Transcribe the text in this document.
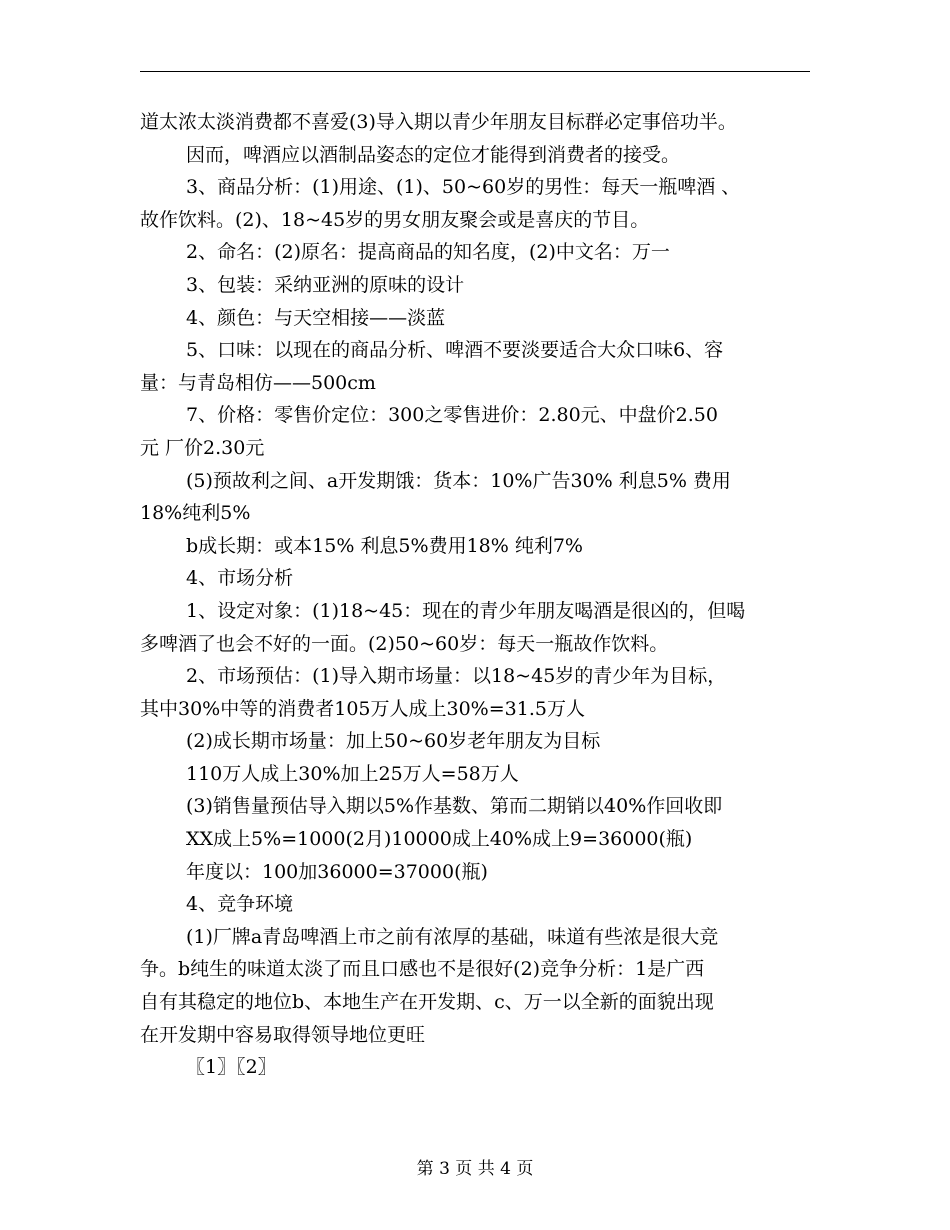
道太浓太淡消费都不喜爱(3)导入期以青少年朋友目标群必定事倍功半。
因而，啤酒应以酒制品姿态的定位才能得到消费者的接受。
3、商品分析：(1)用途、(1)、50~60岁的男性：每天一瓶啤酒 、
故作饮料。(2)、18~45岁的男女朋友聚会或是喜庆的节目。
2、命名：(2)原名：提高商品的知名度，(2)中文名：万一
3、包装：采纳亚洲的原味的设计
4、颜色：与天空相接——淡蓝
5、口味：以现在的商品分析、啤酒不要淡要适合大众口味6、容
量：与青岛相仿——500cm
7、价格：零售价定位：300之零售进价：2.80元、中盘价2.50
元 厂价2.30元
(5)预故利之间、a开发期饿：货本：10%广告30% 利息5% 费用
18%纯利5%
b成长期：或本15% 利息5%费用18% 纯利7%
4、市场分析
1、设定对象：(1)18~45：现在的青少年朋友喝酒是很凶的，但喝
多啤酒了也会不好的一面。(2)50~60岁：每天一瓶故作饮料。
2、市场预估：(1)导入期市场量：以18~45岁的青少年为目标，
其中30%中等的消费者105万人成上30%=31.5万人
(2)成长期市场量：加上50~60岁老年朋友为目标
110万人成上30%加上25万人=58万人
(3)销售量预估导入期以5%作基数、第而二期销以40%作回收即
XX成上5%=1000(2月)10000成上40%成上9=36000(瓶)
年度以：100加36000=37000(瓶)
4、竞争环境
(1)厂牌a青岛啤酒上市之前有浓厚的基础，味道有些浓是很大竞
争。b纯生的味道太淡了而且口感也不是很好(2)竞争分析：1是广西
自有其稳定的地位b、本地生产在开发期、c、万一以全新的面貌出现
在开发期中容易取得领导地位更旺
〖1〗〖2〗
第 3 页 共 4 页
